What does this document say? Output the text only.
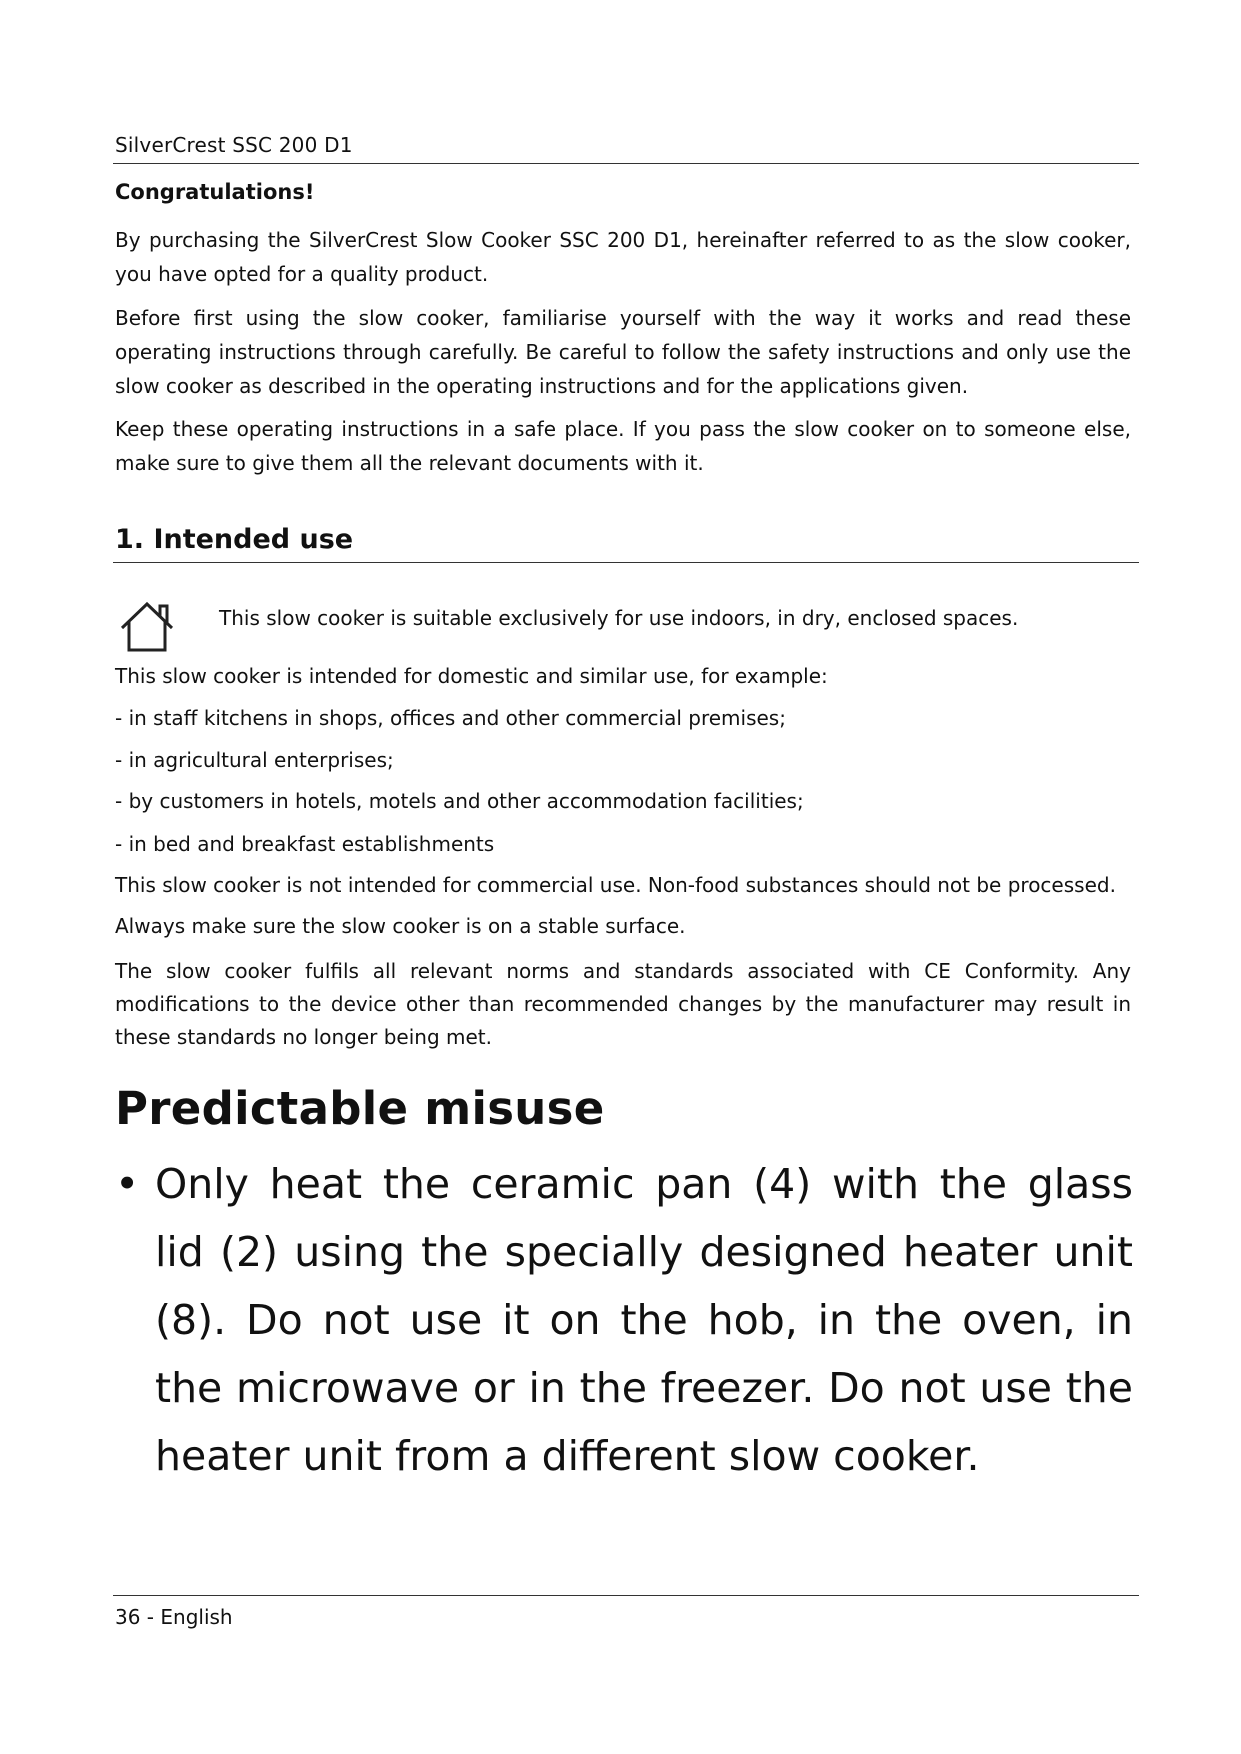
SilverCrest SSC 200 D1
Congratulations!
By purchasing the SilverCrest Slow Cooker SSC 200 D1, hereinafter referred to as the slow cooker, you have opted for a quality product.
Before first using the slow cooker, familiarise yourself with the way it works and read these operating instructions through carefully. Be careful to follow the safety instructions and only use the slow cooker as described in the operating instructions and for the applications given.
Keep these operating instructions in a safe place. If you pass the slow cooker on to someone else, make sure to give them all the relevant documents with it.
1. Intended use
This slow cooker is suitable exclusively for use indoors, in dry, enclosed spaces.
This slow cooker is intended for domestic and similar use, for example:
- in staff kitchens in shops, offices and other commercial premises;
- in agricultural enterprises;
- by customers in hotels, motels and other accommodation facilities;
- in bed and breakfast establishments
This slow cooker is not intended for commercial use. Non-food substances should not be processed.
Always make sure the slow cooker is on a stable surface.
The slow cooker fulfils all relevant norms and standards associated with CE Conformity. Any modifications to the device other than recommended changes by the manufacturer may result in these standards no longer being met.
Predictable misuse
• Only heat the ceramic pan (4) with the glass lid (2) using the specially designed heater unit (8). Do not use it on the hob, in the oven, in the microwave or in the freezer. Do not use the heater unit from a different slow cooker.
36 - English
